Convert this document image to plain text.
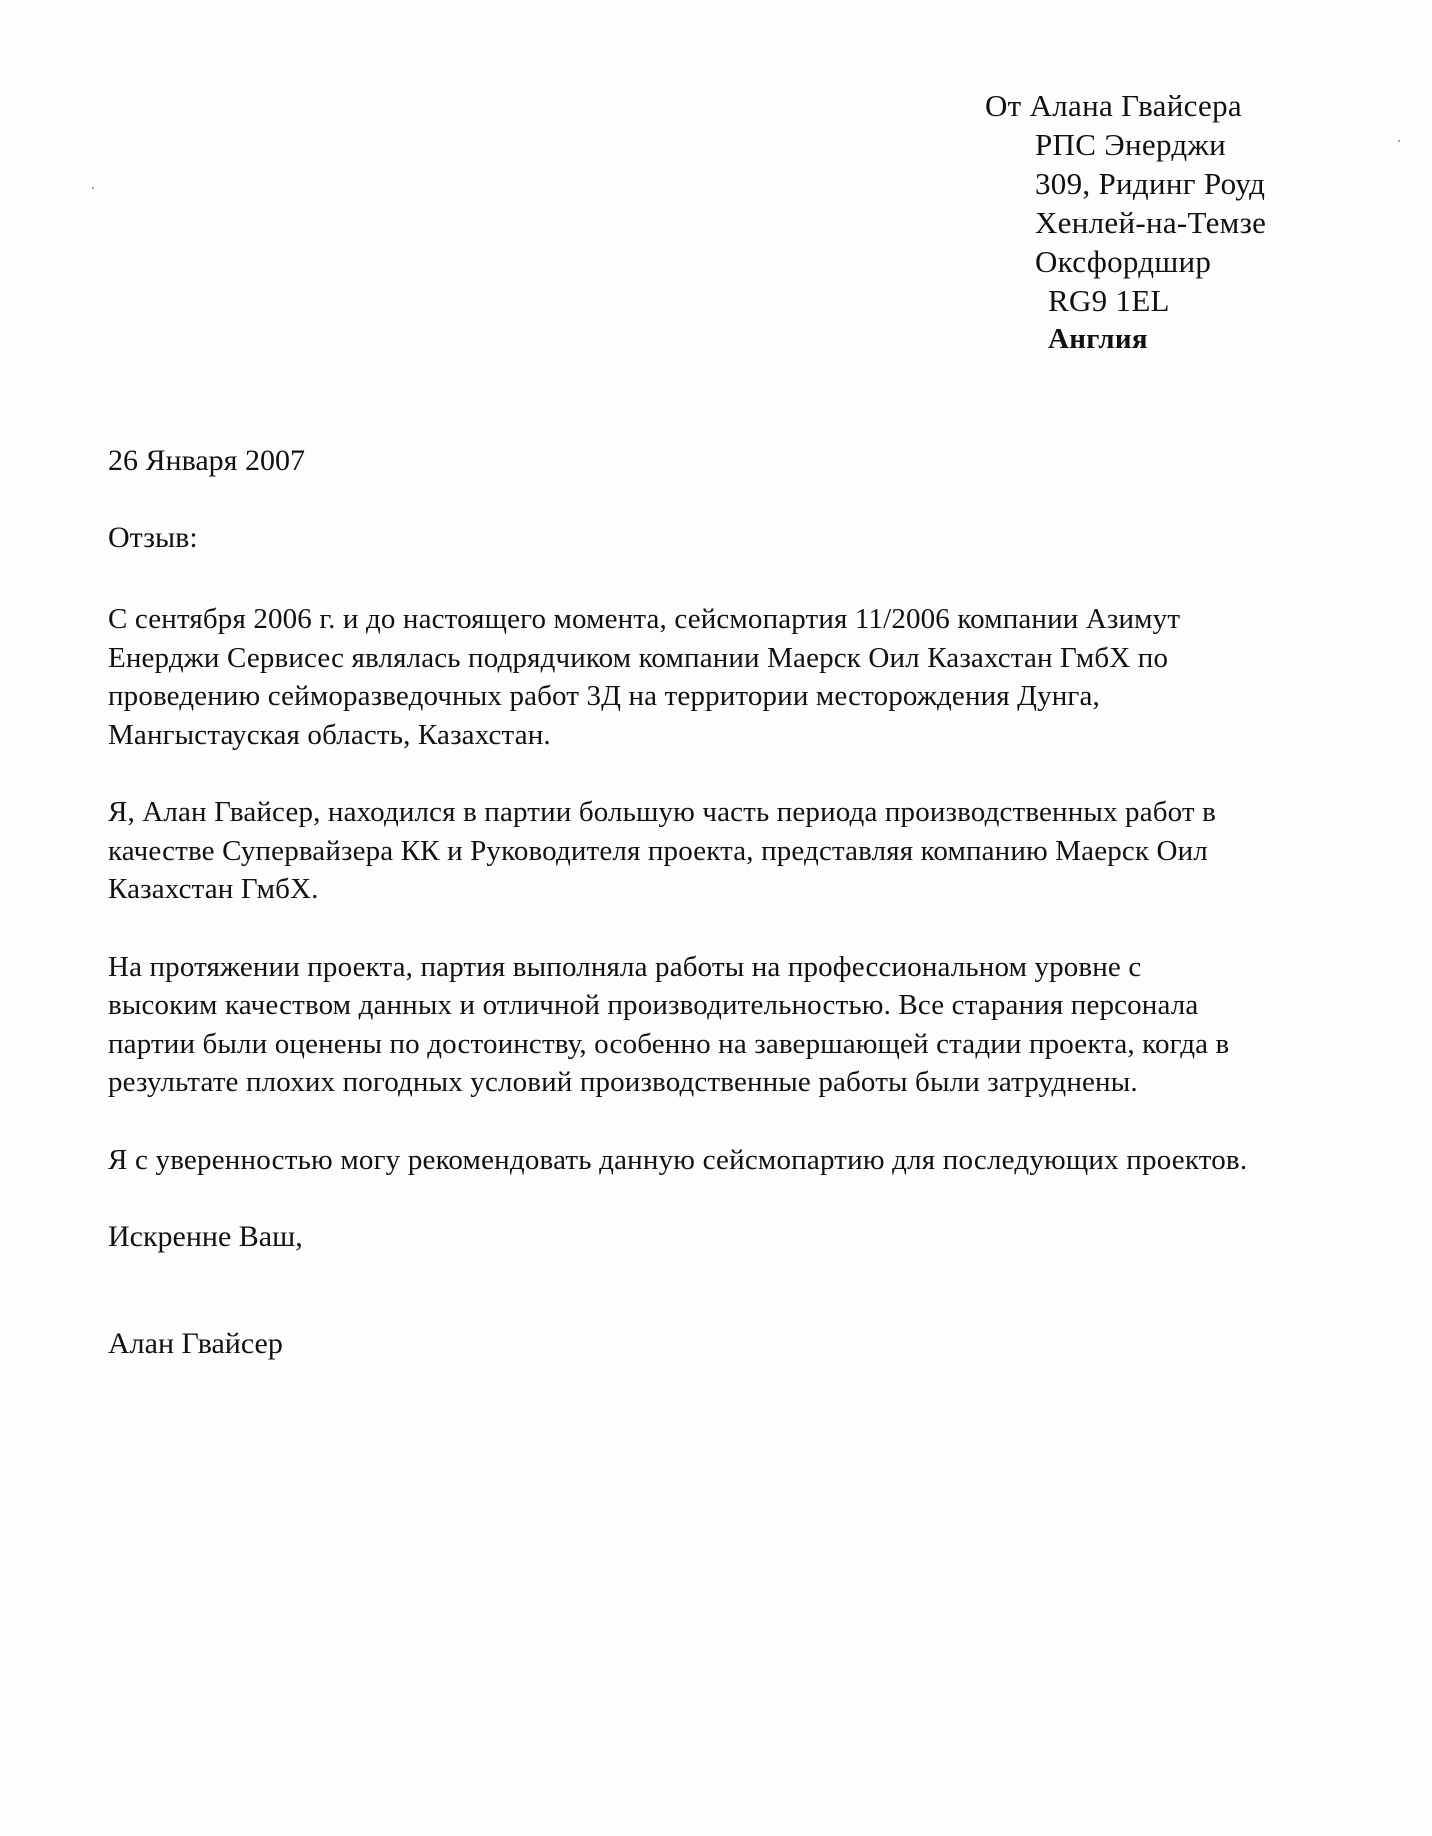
От Алана Гвайсера
РПС Энерджи
309, Ридинг Роуд
Хенлей-на-Темзе
Оксфордшир
RG9 1EL
Англия
26 Января 2007
Отзыв:
С сентября 2006 г. и до настоящего момента, сейсмопартия 11/2006 компании Азимут
Енерджи Сервисес являлась подрядчиком компании Маерск Оил Казахстан ГмбХ по
проведению сейморазведочных работ 3Д на территории месторождения Дунга,
Мангыстауская область, Казахстан.
Я, Алан Гвайсер, находился в партии большую часть периода производственных работ в
качестве Супервайзера КК и Руководителя проекта, представляя компанию Маерск Оил
Казахстан ГмбХ.
На протяжении проекта, партия выполняла работы на профессиональном уровне с
высоким качеством данных и отличной производительностью. Все старания персонала
партии были оценены по достоинству, особенно на завершающей стадии проекта, когда в
результате плохих погодных условий производственные работы были затруднены.
Я с уверенностью могу рекомендовать данную сейсмопартию для последующих проектов.
Искренне Ваш,
Алан Гвайсер
